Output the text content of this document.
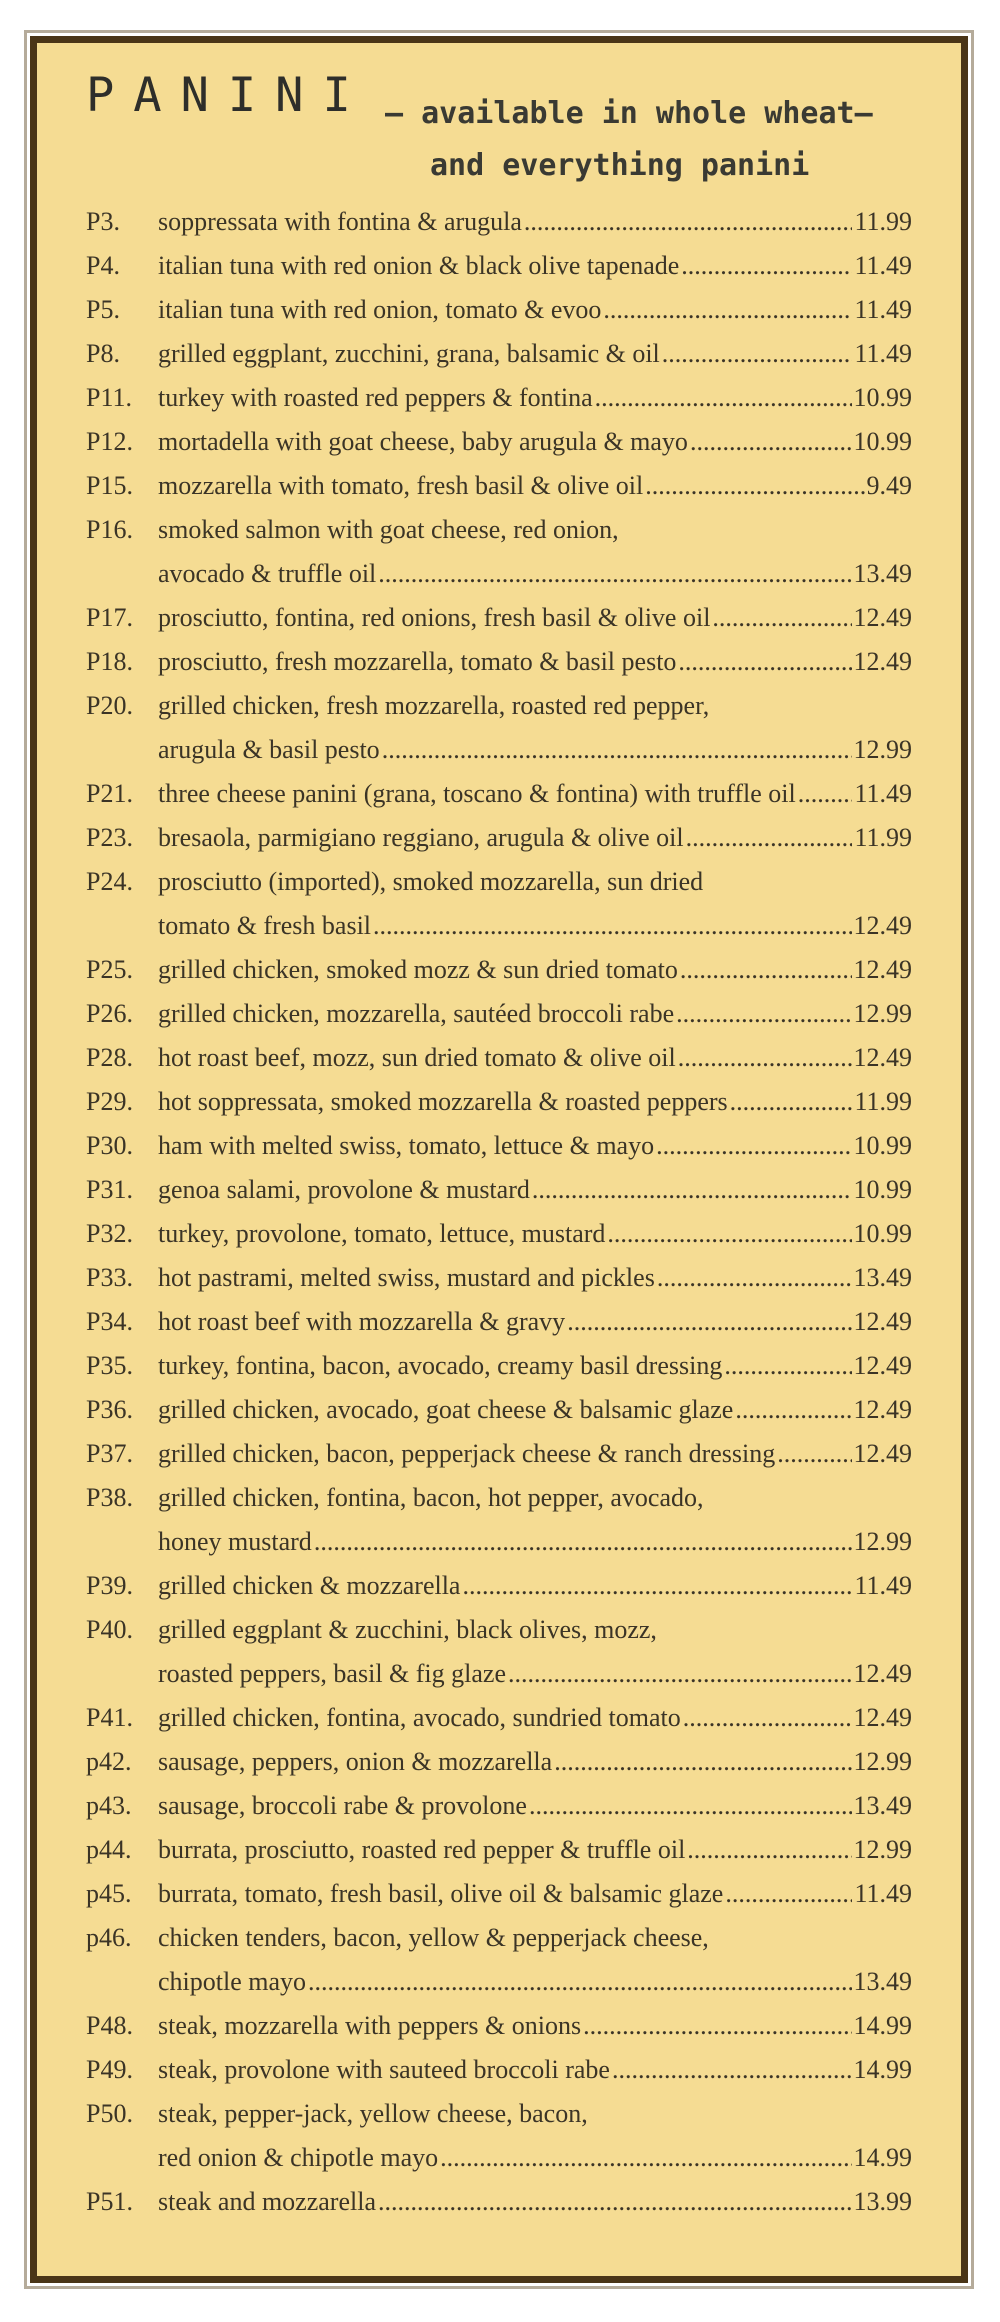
PANINI – available in whole wheat–
and everything panini
P3.	soppressata with fontina & arugula .....	11.99
P4.	italian tuna with red onion & black olive tapenade .....	11.49
P5.	italian tuna with red onion, tomato & evoo .....	11.49
P8.	grilled eggplant, zucchini, grana, balsamic & oil .....	11.49
P11.	turkey with roasted red peppers & fontina .....	10.99
P12. mortadella with goat cheese, baby arugula & mayo .....	10.99
P15. mozzarella with tomato, fresh basil & olive oil .....	9.49
P16. smoked salmon with goat cheese, red onion,
avocado & truffle oil .....	13.49
P17. prosciutto, fontina, red onions, fresh basil & olive oil .....	12.49
P18. prosciutto, fresh mozzarella, tomato & basil pesto .....	12.49
P20. grilled chicken, fresh mozzarella, roasted red pepper,
arugula & basil pesto .....	12.99
P21. three cheese panini (grana, toscano & fontina) with truffle oil ..... 11.49
P23. bresaola, parmigiano reggiano, arugula & olive oil .....	11.99
P24. prosciutto (imported), smoked mozzarella, sun dried
tomato & fresh basil .....	12.49
P25. grilled chicken, smoked mozz & sun dried tomato .....	12.49
P26. grilled chicken, mozzarella, sautéed broccoli rabe .....	12.99
P28. hot roast beef, mozz, sun dried tomato & olive oil .....	12.49
P29. hot soppressata, smoked mozzarella & roasted peppers .....	11.99
P30. ham with melted swiss, tomato, lettuce & mayo .....	10.99
P31. genoa salami, provolone & mustard .....	10.99
P32. turkey, provolone, tomato, lettuce, mustard .....	10.99
P33. hot pastrami, melted swiss, mustard and pickles .....	13.49
P34. hot roast beef with mozzarella & gravy .....	12.49
P35. turkey, fontina, bacon, avocado, creamy basil dressing .....	12.49
P36. grilled chicken, avocado, goat cheese & balsamic glaze .....	12.49
P37. grilled chicken, bacon, pepperjack cheese & ranch dressing .....	12.49
P38. grilled chicken, fontina, bacon, hot pepper, avocado,
honey mustard .....	12.99
P39. grilled chicken & mozzarella .....	11.49
P40. grilled eggplant & zucchini, black olives, mozz,
roasted peppers, basil & fig glaze .....	12.49
P41. grilled chicken, fontina, avocado, sundried tomato .....	12.49
p42.	sausage, peppers, onion & mozzarella .....	12.99
p43.	sausage, broccoli rabe & provolone .....	13.49
p44.	burrata, prosciutto, roasted red pepper & truffle oil .....	12.99
p45.	burrata, tomato, fresh basil, olive oil & balsamic glaze .....	11.49
p46.	chicken tenders, bacon, yellow & pepperjack cheese,
chipotle mayo .....	13.49
P48. steak, mozzarella with peppers & onions .....	14.99
P49. steak, provolone with sauteed broccoli rabe .....	14.99
P50. steak, pepper-jack, yellow cheese, bacon,
red onion & chipotle mayo .....	14.99
P51. steak and mozzarella .....	13.99
